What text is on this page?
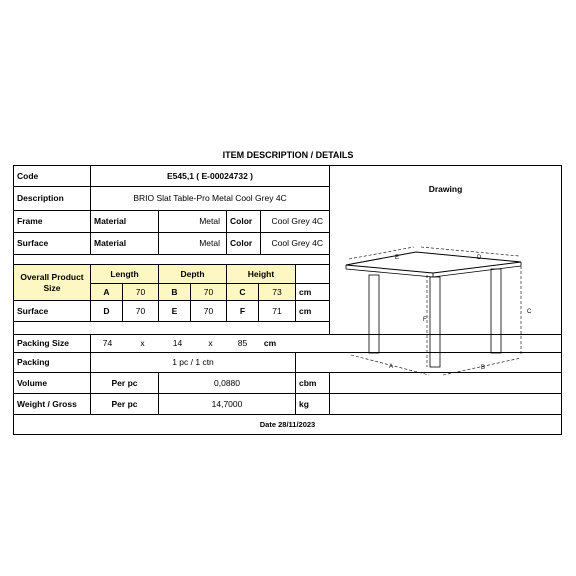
ITEM DESCRIPTION / DETAILS
Code	E545,1 ( E-00024732 )
Drawing
Description	BRIO Slat Table-Pro Metal Cool Grey 4C
Frame	Material	Metal	Color	Cool Grey 4C
Surface	Material	Metal	Color	Cool Grey 4C
Overall Product
Size
Length	Depth	Height
A	70	B	70	C	73	cm
Surface	D	70	E	70	F	71	cm
Packing Size	74	x	14	x	85	cm
Packing	1 pc / 1 ctn
Volume	Per pc	0,0880	cbm
Weight / Gross	Per pc	14,7000	kg
Date 28/11/2023
E	D
C
F
A	B
